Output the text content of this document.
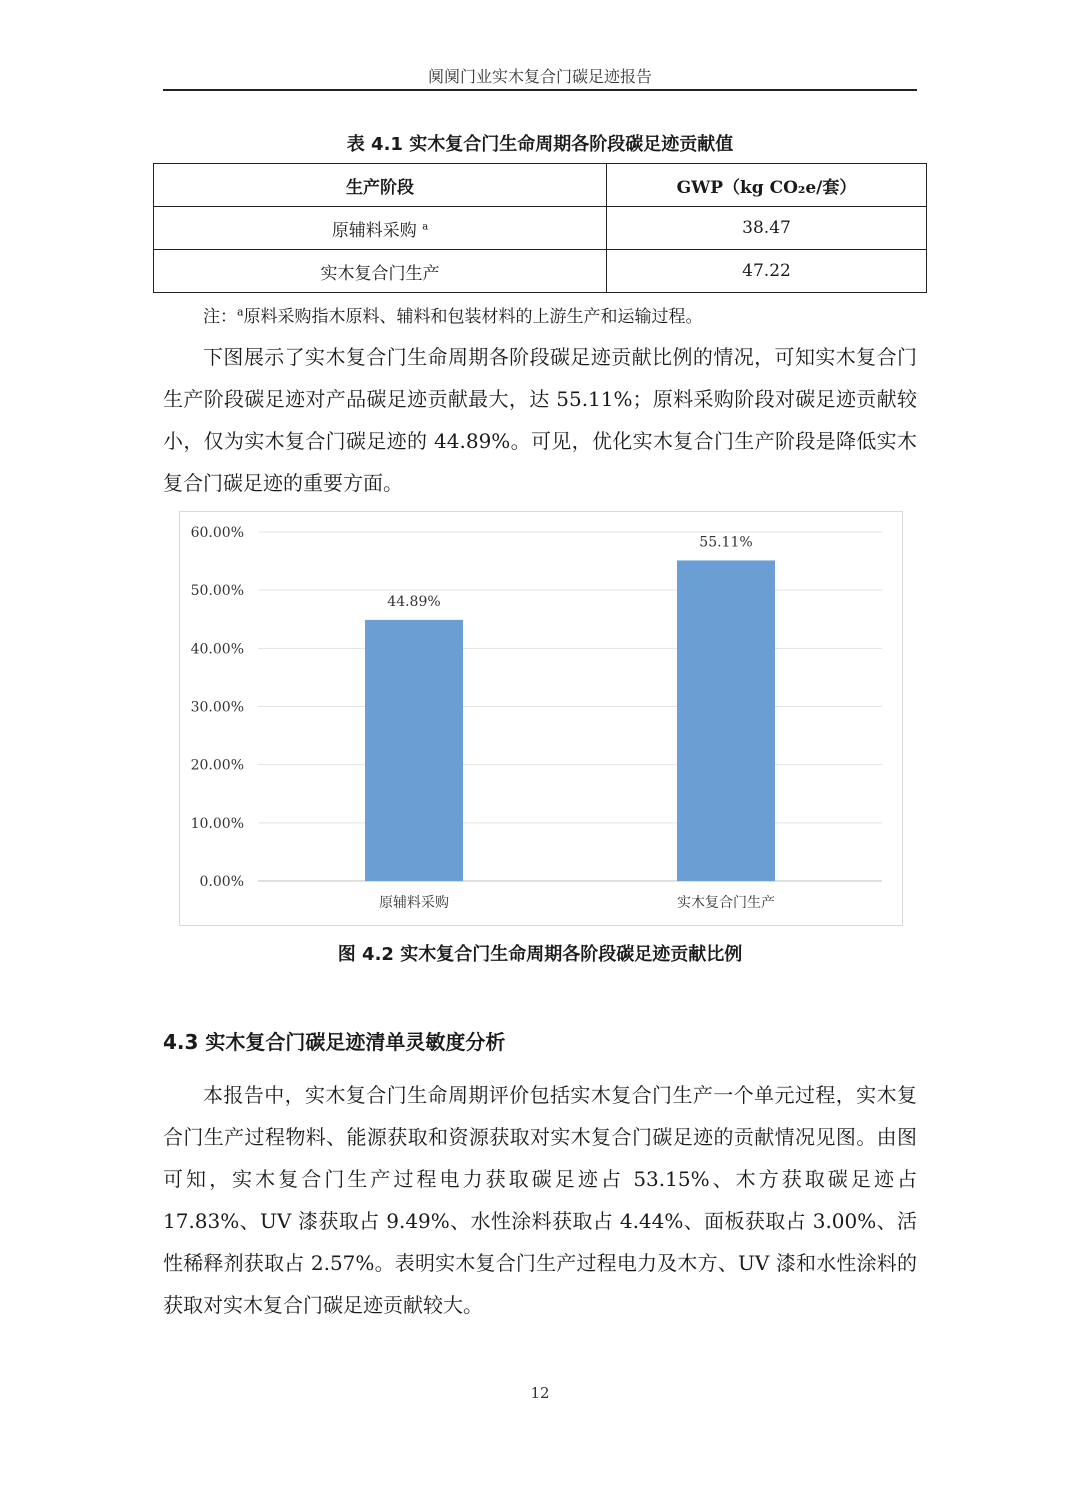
阒阒门业实木复合门碳足迹报告
表 4.1 实木复合门生命周期各阶段碳足迹贡献值
生产阶段	GWP（kg CO₂e/套）
原辅料采购 $^a$	38.47
实木复合门生产	47.22
注：$^a$原料采购指木原料、辅料和包装材料的上游生产和运输过程。

下图展示了实木复合门生命周期各阶段碳足迹贡献比例的情况，可知实木复合门生产阶段碳足迹对产品碳足迹贡献最大，达 55.11%；原料采购阶段对碳足迹贡献较小，仅为实木复合门碳足迹的 44.89%。可见，优化实木复合门生产阶段是降低实木复合门碳足迹的重要方面。

0.00%
10.00%
20.00%
30.00%
40.00%
50.00%
60.00%
44.89%
原辅料采购
55.11%
实木复合门生产
图 4.2 实木复合门生命周期各阶段碳足迹贡献比例
4.3 实木复合门碳足迹清单灵敏度分析

本报告中，实木复合门生命周期评价包括实木复合门生产一个单元过程，实木复合门生产过程物料、能源获取和资源获取对实木复合门碳足迹的贡献情况见图。由图可知，实木复合门生产过程电力获取碳足迹占 53.15%、木方获取碳足迹占 17.83%、UV 漆获取占 9.49%、水性涂料获取占 4.44%、面板获取占 3.00%、活性稀释剂获取占 2.57%。表明实木复合门生产过程电力及木方、UV 漆和水性涂料的获取对实木复合门碳足迹贡献较大。

12
